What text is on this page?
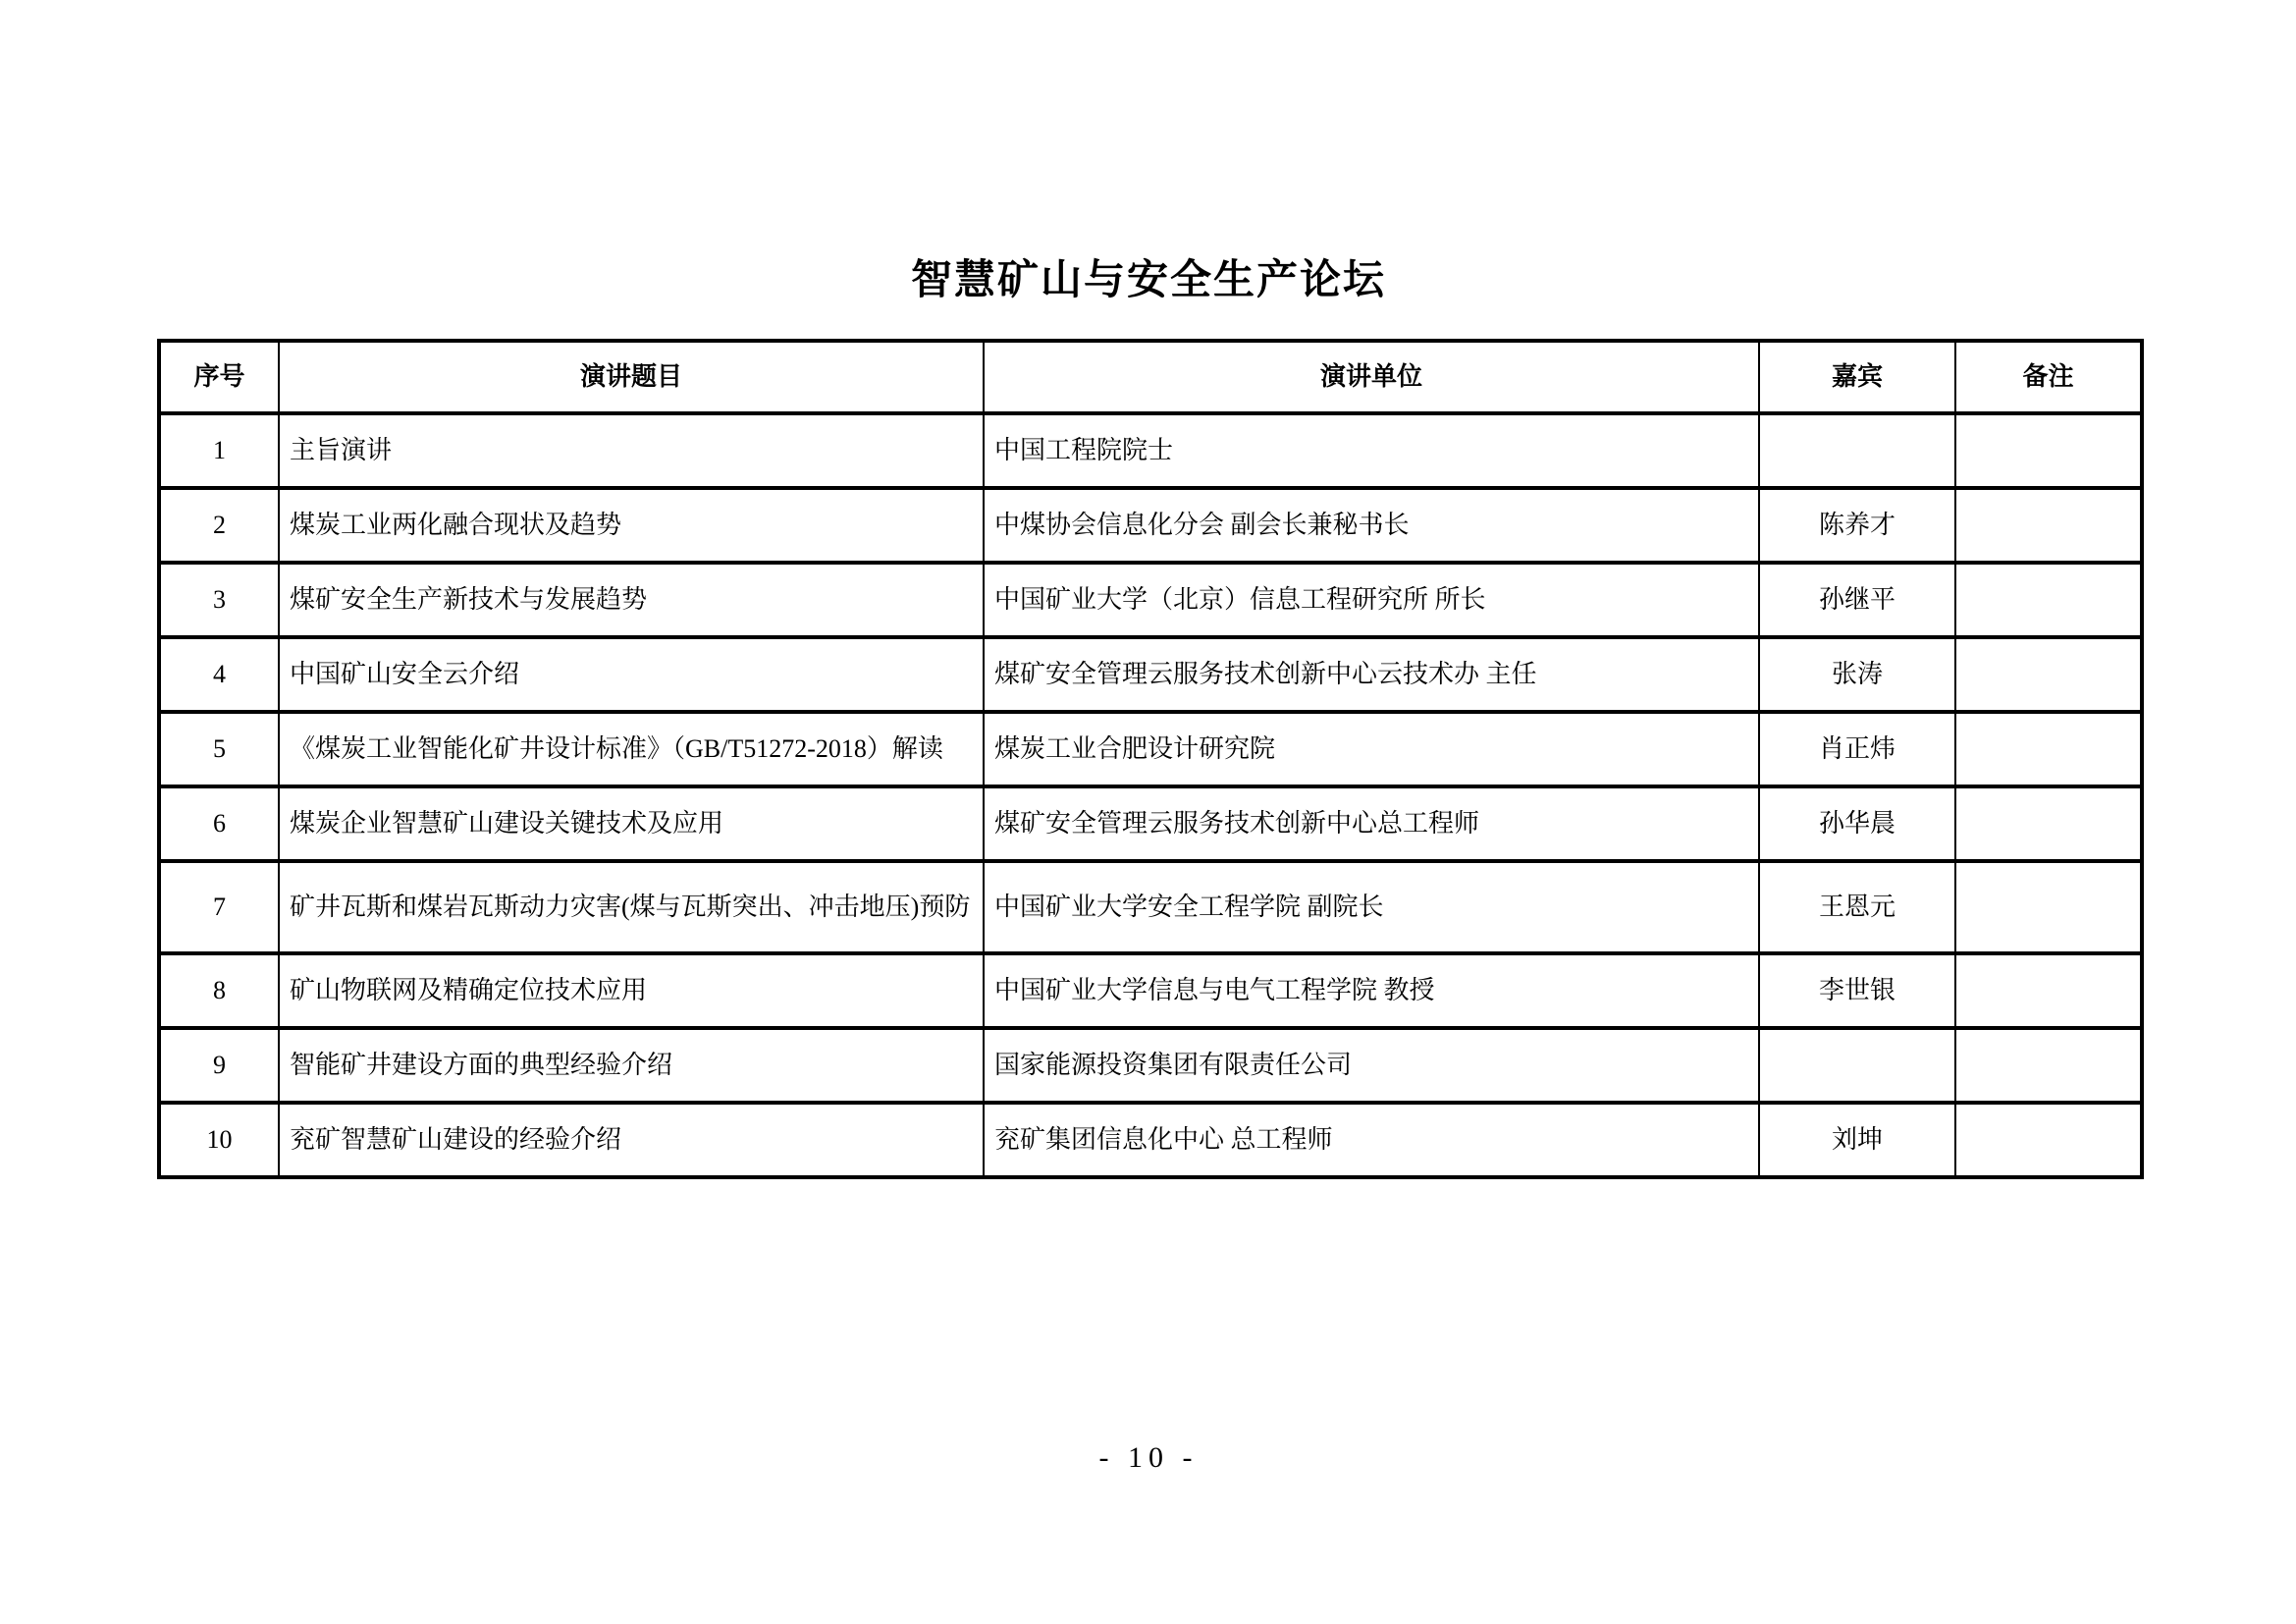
智慧矿山与安全生产论坛
序号	演讲题目	演讲单位	嘉宾	备注
1	主旨演讲	中国工程院院士		
2	煤炭工业两化融合现状及趋势	中煤协会信息化分会 副会长兼秘书长	陈养才	
3	煤矿安全生产新技术与发展趋势	中国矿业大学（北京）信息工程研究所 所长	孙继平	
4	中国矿山安全云介绍	煤矿安全管理云服务技术创新中心云技术办 主任	张涛	
5	《煤炭工业智能化矿井设计标准》（GB/T51272-2018）解读	煤炭工业合肥设计研究院	肖正炜	
6	煤炭企业智慧矿山建设关键技术及应用	煤矿安全管理云服务技术创新中心总工程师	孙华晨	
7	矿井瓦斯和煤岩瓦斯动力灾害(煤与瓦斯突出、冲击地压)预防	中国矿业大学安全工程学院 副院长	王恩元	
8	矿山物联网及精确定位技术应用	中国矿业大学信息与电气工程学院 教授	李世银	
9	智能矿井建设方面的典型经验介绍	国家能源投资集团有限责任公司		
10	兖矿智慧矿山建设的经验介绍	兖矿集团信息化中心 总工程师	刘坤	
- 10 -
